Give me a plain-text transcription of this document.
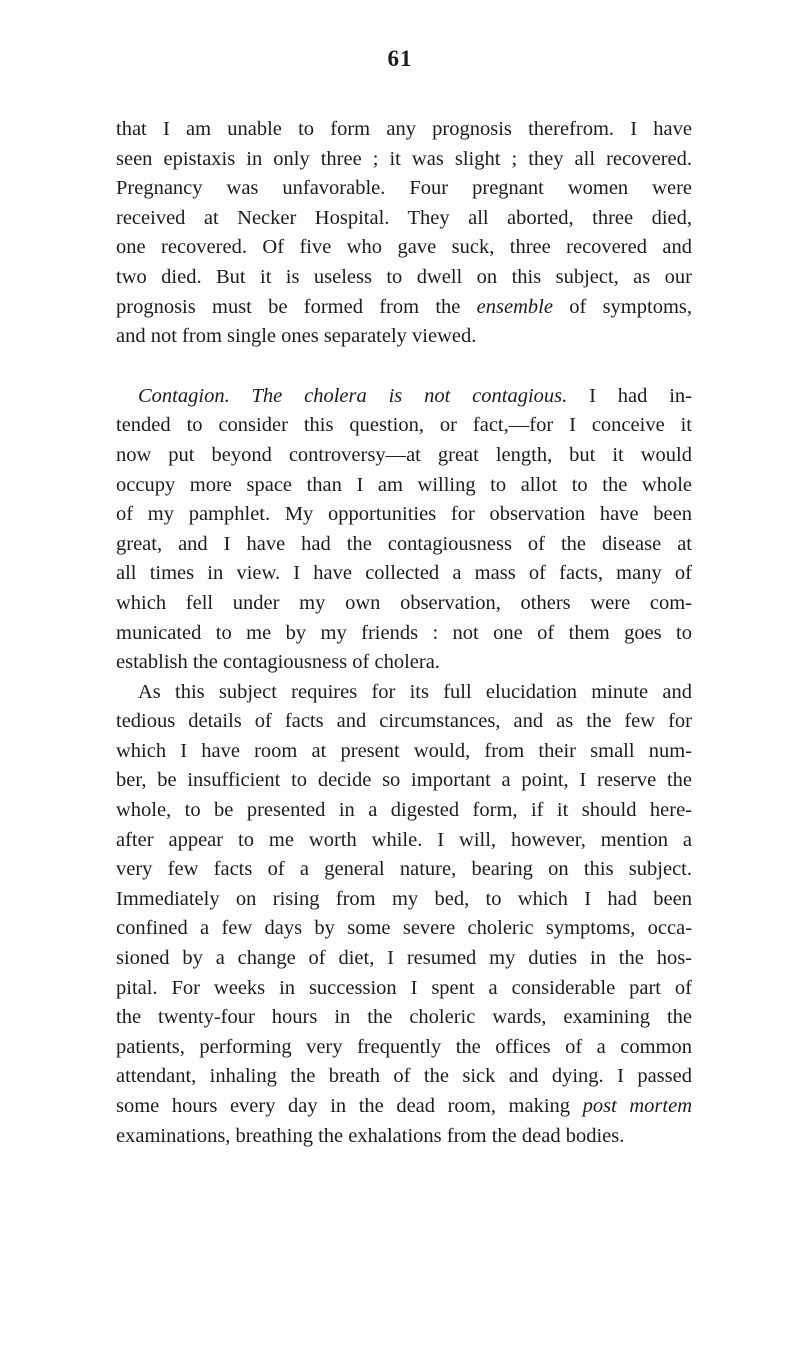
61
that I am unable to form any prognosis therefrom. I have
seen epistaxis in only three ; it was slight ; they all recovered.
Pregnancy was unfavorable. Four pregnant women were
received at Necker Hospital. They all aborted, three died,
one recovered. Of five who gave suck, three recovered and
two died. But it is useless to dwell on this subject, as our
prognosis must be formed from the ensemble of symptoms,
and not from single ones separately viewed.
Contagion. The cholera is not contagious. I had in-
tended to consider this question, or fact,—for I conceive it
now put beyond controversy—at great length, but it would
occupy more space than I am willing to allot to the whole
of my pamphlet. My opportunities for observation have been
great, and I have had the contagiousness of the disease at
all times in view. I have collected a mass of facts, many of
which fell under my own observation, others were com-
municated to me by my friends : not one of them goes to
establish the contagiousness of cholera.
As this subject requires for its full elucidation minute and
tedious details of facts and circumstances, and as the few for
which I have room at present would, from their small num-
ber, be insufficient to decide so important a point, I reserve the
whole, to be presented in a digested form, if it should here-
after appear to me worth while. I will, however, mention a
very few facts of a general nature, bearing on this subject.
Immediately on rising from my bed, to which I had been
confined a few days by some severe choleric symptoms, occa-
sioned by a change of diet, I resumed my duties in the hos-
pital. For weeks in succession I spent a considerable part of
the twenty-four hours in the choleric wards, examining the
patients, performing very frequently the offices of a common
attendant, inhaling the breath of the sick and dying. I passed
some hours every day in the dead room, making post mortem
examinations, breathing the exhalations from the dead bodies.
